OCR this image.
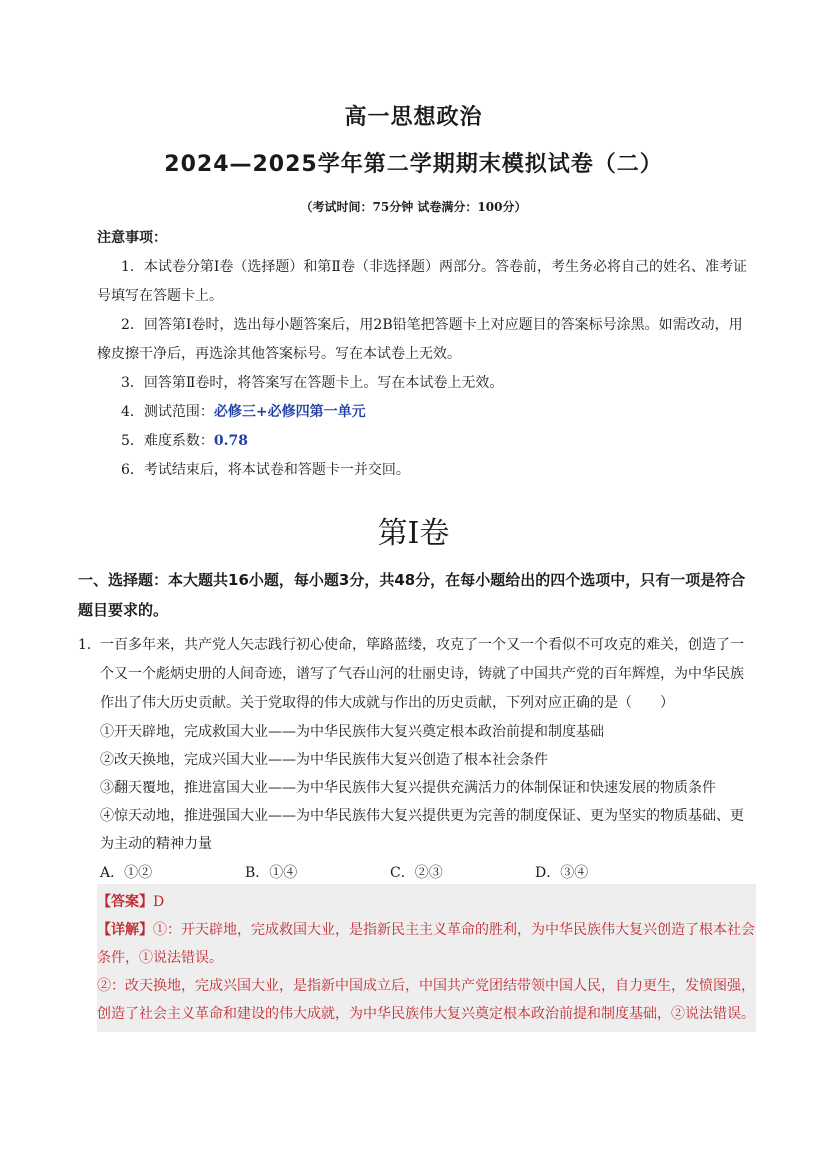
高一思想政治
2024—2025学年第二学期期末模拟试卷（二）
（考试时间：75分钟 试卷满分：100分）
注意事项：

1．本试卷分第Ⅰ卷（选择题）和第Ⅱ卷（非选择题）两部分。答卷前，考生务必将自己的姓名、准考证号填写在答题卡上。

2．回答第Ⅰ卷时，选出每小题答案后，用2B铅笔把答题卡上对应题目的答案标号涂黑。如需改动，用橡皮擦干净后，再选涂其他答案标号。写在本试卷上无效。

3．回答第Ⅱ卷时，将答案写在答题卡上。写在本试卷上无效。

4．测试范围：必修三+必修四第一单元

5．难度系数：0.78

6．考试结束后，将本试卷和答题卡一并交回。

第Ⅰ卷
一、选择题：本大题共16小题，每小题3分，共48分，在每小题给出的四个选项中，只有一项是符合题目要求的。
1． 一百多年来，共产党人矢志践行初心使命，筚路蓝缕，攻克了一个又一个看似不可攻克的难关，创造了一个又一个彪炳史册的人间奇迹，谱写了气吞山河的壮丽史诗，铸就了中国共产党的百年辉煌，为中华民族作出了伟大历史贡献。关于党取得的伟大成就与作出的历史贡献，下列对应正确的是（　　）
①开天辟地，完成救国大业——为中华民族伟大复兴奠定根本政治前提和制度基础
②改天换地，完成兴国大业——为中华民族伟大复兴创造了根本社会条件
③翻天覆地，推进富国大业——为中华民族伟大复兴提供充满活力的体制保证和快速发展的物质条件
④惊天动地，推进强国大业——为中华民族伟大复兴提供更为完善的制度保证、更为坚实的物质基础、更为主动的精神力量
A．①②	B．①④	C．②③	D．③④

【答案】D

【详解】①：开天辟地，完成救国大业，是指新民主主义革命的胜利，为中华民族伟大复兴创造了根本社会条件，①说法错误。

②：改天换地，完成兴国大业，是指新中国成立后，中国共产党团结带领中国人民，自力更生，发愤图强，创造了社会主义革命和建设的伟大成就，为中华民族伟大复兴奠定根本政治前提和制度基础，②说法错误。
